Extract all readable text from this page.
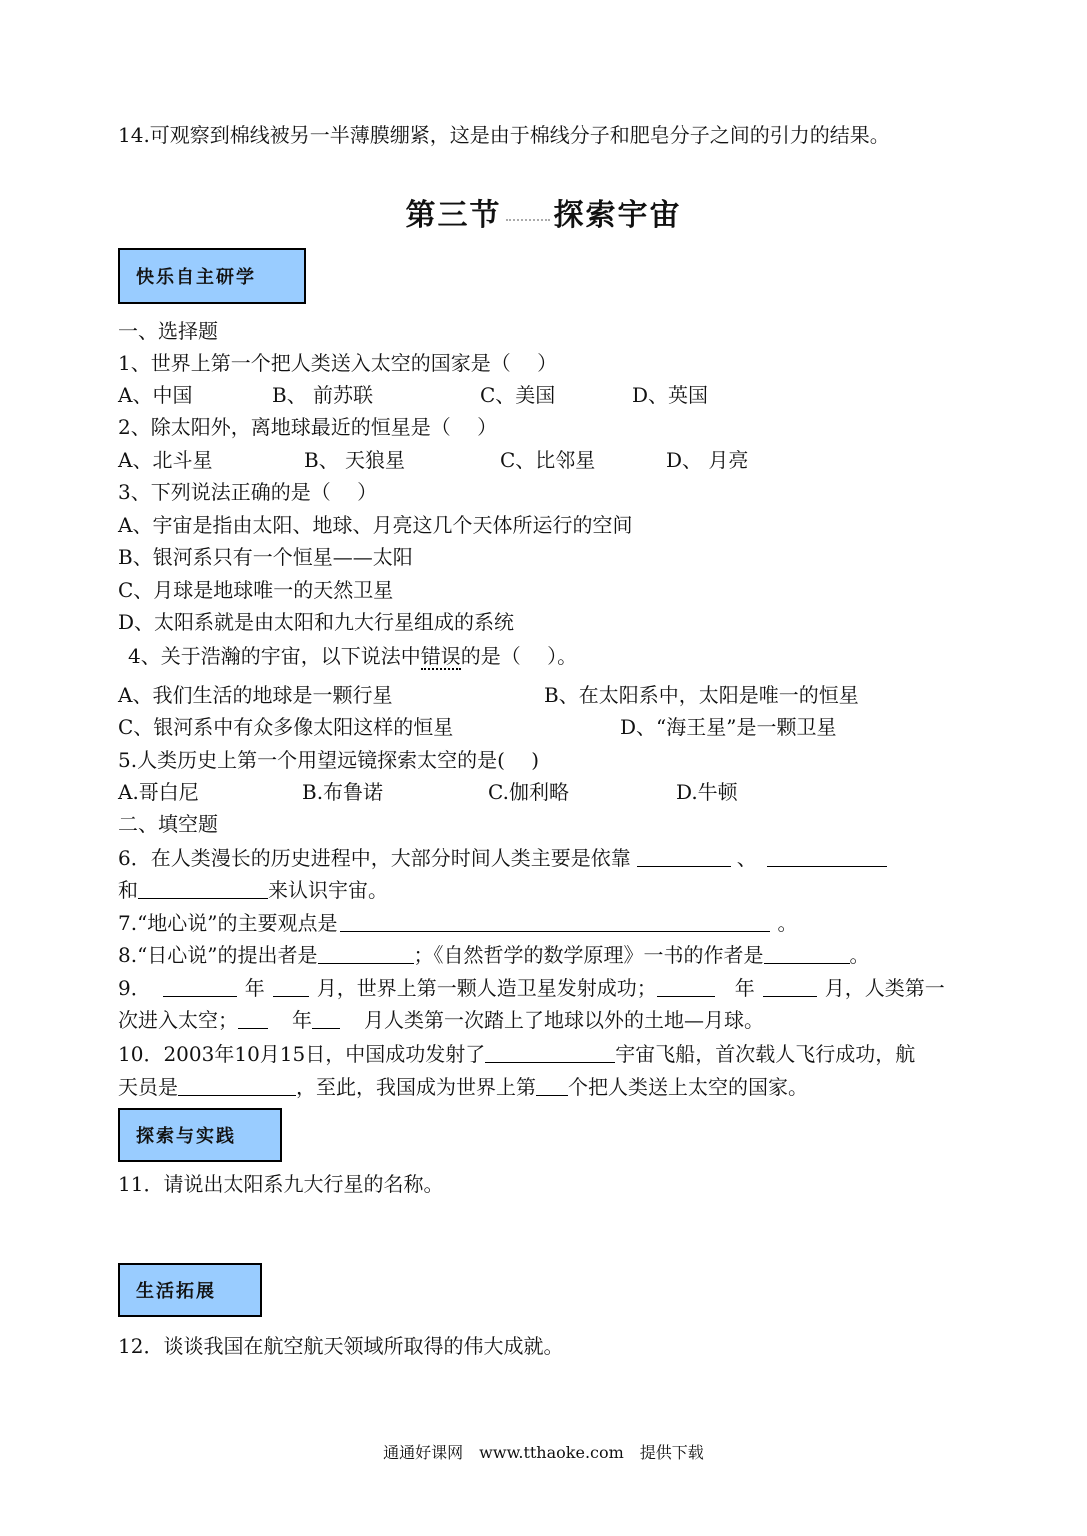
14.可观察到棉线被另一半薄膜绷紧，这是由于棉线分子和肥皂分子之间的引力的结果。
第三节 探索宇宙
快乐自主研学
一、选择题
1、世界上第一个把人类送入太空的国家是（　 ）
A、中国	B、 前苏联	C、美国	D、英国
2、除太阳外，离地球最近的恒星是（　 ）
A、北斗星	B、 天狼星	C、比邻星	D、 月亮
3、下列说法正确的是（　 ）
A、宇宙是指由太阳、地球、月亮这几个天体所运行的空间
B、银河系只有一个恒星——太阳
C、月球是地球唯一的天然卫星
D、太阳系就是由太阳和九大行星组成的系统
4、关于浩瀚的宇宙，以下说法中错误的是（　 ）。
A、我们生活的地球是一颗行星	B、在太阳系中，太阳是唯一的恒星
C、银河系中有众多像太阳这样的恒星	D、“海王星”是一颗卫星
5.人类历史上第一个用望远镜探索太空的是(　 )
A.哥白尼	B.布鲁诺	C.伽利略	D.牛顿
二、填空题
6．在人类漫长的历史进程中，大部分时间人类主要是依靠	、
和	来认识宇宙。
7.“地心说”的主要观点是	。
8.“日心说”的提出者是	；《自然哲学的数学原理》一书的作者是	。
9．	年	月，世界上第一颗人造卫星发射成功；	年	月，人类第一
次进入太空；	年	月人类第一次踏上了地球以外的土地—月球。
10．2003年10月15日，中国成功发射了	宇宙飞船，首次载人飞行成功，航
天员是	，至此，我国成为世界上第 个把人类送上太空的国家。
探索与实践
11．请说出太阳系九大行星的名称。
生活拓展
12．谈谈我国在航空航天领域所取得的伟大成就。
通通好课网　www.tthaoke.com　提供下载
